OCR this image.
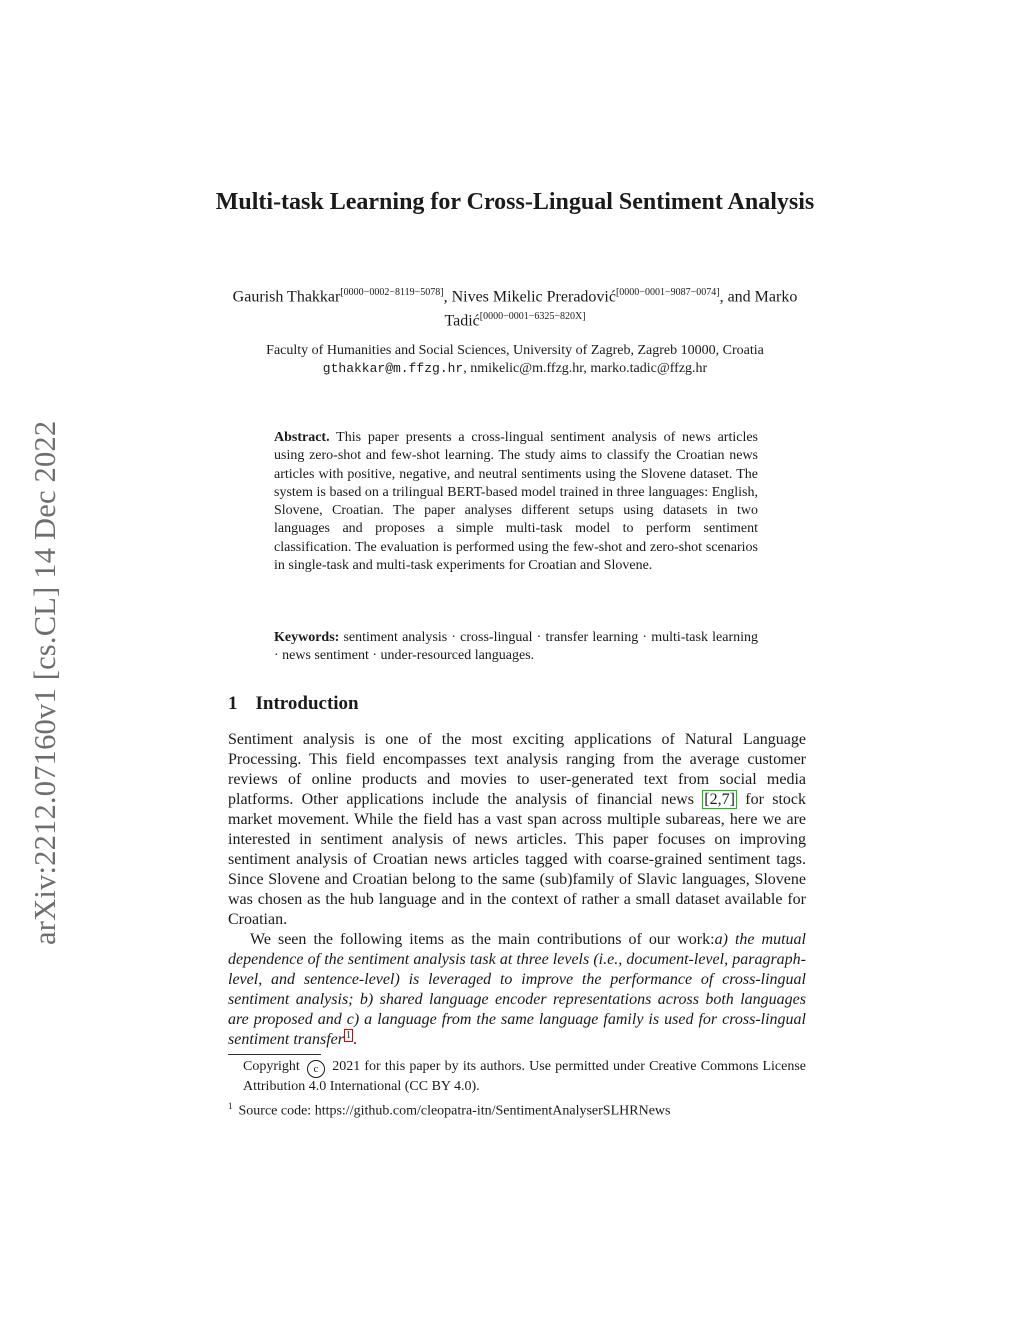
arXiv:2212.07160v1 [cs.CL] 14 Dec 2022
Multi-task Learning for Cross-Lingual Sentiment Analysis
Gaurish Thakkar[0000−0002−8119−5078], Nives Mikelic Preradović[0000−0001−9087−0074], and Marko Tadić[0000−0001−6325−820X]
Faculty of Humanities and Social Sciences, University of Zagreb, Zagreb 10000, Croatia
gthakkar@m.ffzg.hr, nmikelic@m.ffzg.hr, marko.tadic@ffzg.hr
Abstract. This paper presents a cross-lingual sentiment analysis of news articles using zero-shot and few-shot learning. The study aims to classify the Croatian news articles with positive, negative, and neutral sentiments using the Slovene dataset. The system is based on a trilingual BERT-based model trained in three languages: English, Slovene, Croatian. The paper analyses different setups using datasets in two languages and proposes a simple multi-task model to perform sentiment classification. The evaluation is performed using the few-shot and zero-shot scenarios in single-task and multi-task experiments for Croatian and Slovene.
Keywords: sentiment analysis · cross-lingual · transfer learning · multi-task learning · news sentiment · under-resourced languages.
1 Introduction

Sentiment analysis is one of the most exciting applications of Natural Language Processing. This field encompasses text analysis ranging from the average customer reviews of online products and movies to user-generated text from social media platforms. Other applications include the analysis of financial news [2,7] for stock market movement. While the field has a vast span across multiple subareas, here we are interested in sentiment analysis of news articles. This paper focuses on improving sentiment analysis of Croatian news articles tagged with coarse-grained sentiment tags. Since Slovene and Croatian belong to the same (sub)family of Slavic languages, Slovene was chosen as the hub language and in the context of rather a small dataset available for Croatian.

We seen the following items as the main contributions of our work:a) the mutual dependence of the sentiment analysis task at three levels (i.e., document-level, paragraph-level, and sentence-level) is leveraged to improve the performance of cross-lingual sentiment analysis; b) shared language encoder representations across both languages are proposed and c) a language from the same language family is used for cross-lingual sentiment transfer $^1$ .

Copyright c 2021 for this paper by its authors. Use permitted under Creative Commons License Attribution 4.0 International (CC BY 4.0).

$^1$ Source code: https://github.com/cleopatra-itn/SentimentAnalyserSLHRNews
